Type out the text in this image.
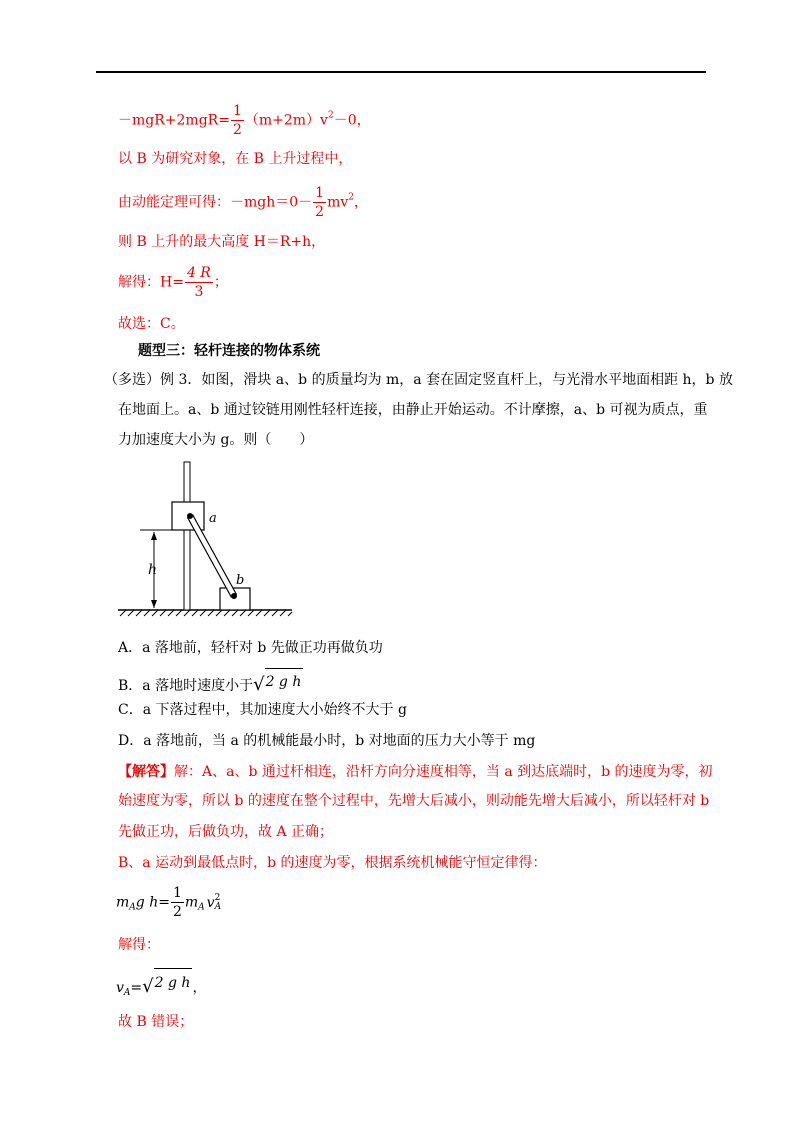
$-mgR+2mgR= \frac{1}{2} (m+2m)v^2-0$，
以 B 为研究对象，在 B 上升过程中，
由动能定理可得：$-mgh=0- \frac{1}{2} mv^2$，
则 B 上升的最大高度 H＝R+h，
解得：$H= \frac{4 R}{3}$ ；
故选：C。
题型三：轻杆连接的物体系统
（多选）例 3．如图，滑块 a、b 的质量均为 m，a 套在固定竖直杆上，与光滑水平地面相距 h，b 放
在地面上。a、b 通过铰链用刚性轻杆连接，由静止开始运动。不计摩擦，a、b 可视为质点，重
力加速度大小为 g。则（　　）
h
a
b
A．a 落地前，轻杆对 b 先做正功再做负功
B．a 落地时速度小于 √ 2 g h
C．a 下落过程中，其加速度大小始终不大于 g
D．a 落地前，当 a 的机械能最小时，b 对地面的压力大小等于 mg
【解答】解：A、a、b 通过杆相连，沿杆方向分速度相等，当 a 到达底端时，b 的速度为零，初
始速度为零，所以 b 的速度在整个过程中，先增大后减小，则动能先增大后减小，所以轻杆对 b
先做正功，后做负功，故 A 正确；
B、a 运动到最低点时，b 的速度为零，根据系统机械能守恒定律得：
$m_Ag$ $h= \frac{1}{2} m_A$ v 2
A
解得：
$v_A=$ √ 2 g h ，
故 B 错误；
